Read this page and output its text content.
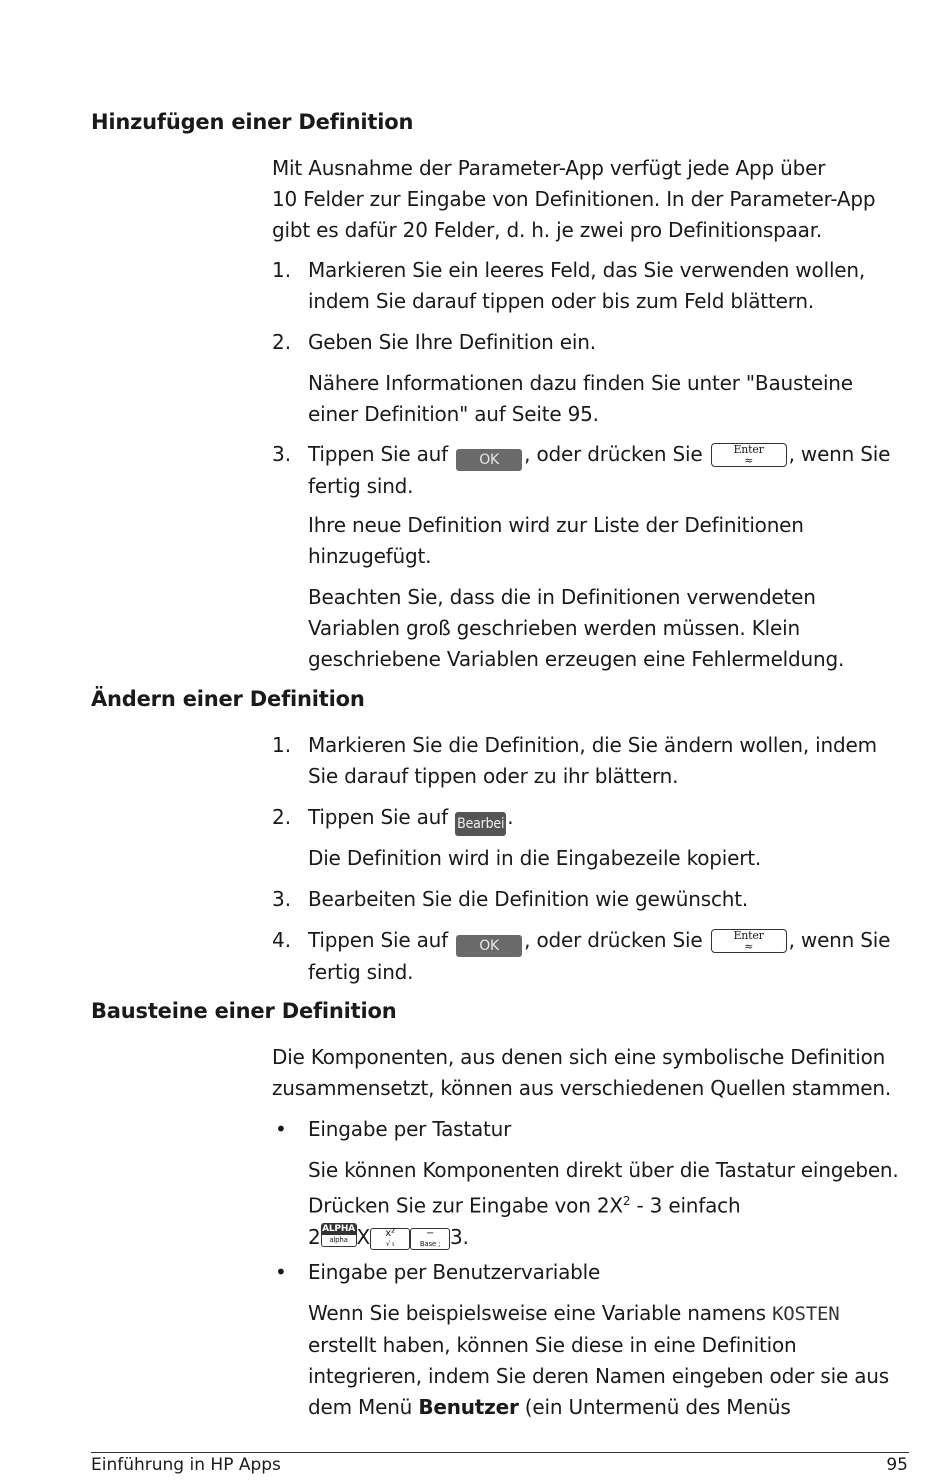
Hinzufügen einer Definition
Mit Ausnahme der Parameter-App verfügt jede App über
10 Felder zur Eingabe von Definitionen. In der Parameter-App
gibt es dafür 20 Felder, d. h. je zwei pro Definitionspaar.
1. Markieren Sie ein leeres Feld, das Sie verwenden wollen,
indem Sie darauf tippen oder bis zum Feld blättern.
2. Geben Sie Ihre Definition ein.
Nähere Informationen dazu finden Sie unter "Bausteine
einer Definition" auf Seite 95.
3. Tippen Sie auf OK , oder drücken Sie	Enter
≈	, wenn Sie
fertig sind.
Ihre neue Definition wird zur Liste der Definitionen
hinzugefügt.
Beachten Sie, dass die in Definitionen verwendeten
Variablen groß geschrieben werden müssen. Klein
geschriebene Variablen erzeugen eine Fehlermeldung.
Ändern einer Definition
1. Markieren Sie die Definition, die Sie ändern wollen, indem
Sie darauf tippen oder zu ihr blättern.
2. Tippen Sie auf Bearbei .
Die Definition wird in die Eingabezeile kopiert.
3. Bearbeiten Sie die Definition wie gewünscht.
4. Tippen Sie auf OK , oder drücken Sie	Enter
≈	, wenn Sie
fertig sind.
Bausteine einer Definition
Die Komponenten, aus denen sich eine symbolische Definition
zusammensetzt, können aus verschiedenen Quellen stammen.
• Eingabe per Tastatur
Sie können Komponenten direkt über die Tastatur eingeben.
Drücken Sie zur Eingabe von $2X^2 - 3$ einfach
2 ALPHA
alpha X	x²
√ ι
−
Base ; 3.
• Eingabe per Benutzervariable
Wenn Sie beispielsweise eine Variable namens KOSTEN
erstellt haben, können Sie diese in eine Definition
integrieren, indem Sie deren Namen eingeben oder sie aus
dem Menü Benutzer (ein Untermenü des Menüs
Einführung in HP Apps	95
